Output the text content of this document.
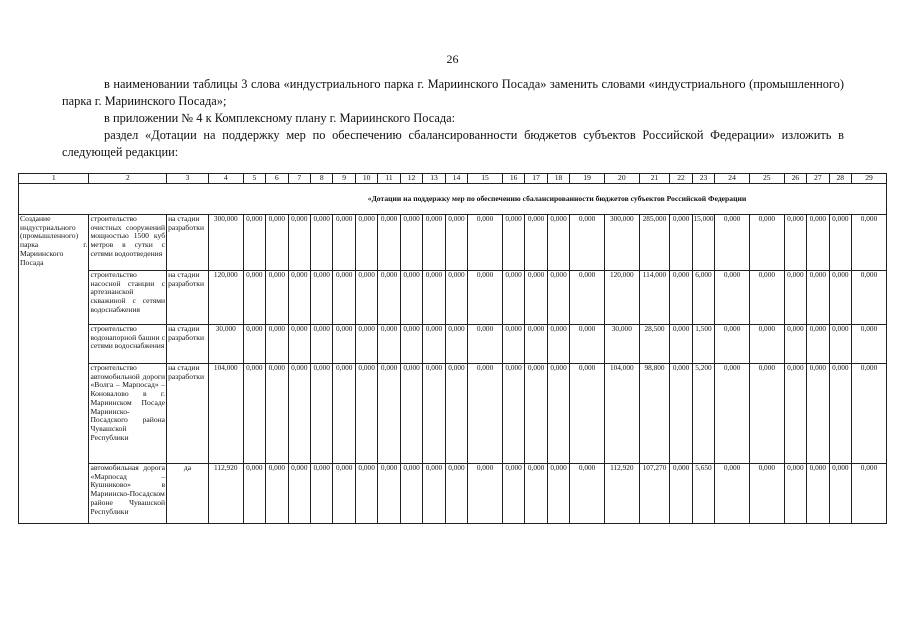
26

в наименовании таблицы 3 слова «индустриального парка г. Мариинского Посада» заменить словами «индустриального (промышленного) парка г. Мариинского Посада»;

в приложении № 4 к Комплексному плану г. Мариинского Посада:

раздел «Дотации на поддержку мер по обеспечению сбалансированности бюджетов субъектов Российской Федерации» изложить в следующей редакции:

1	2	3	4	5	6	7	8	9	10	11	12	13	14	15	16	17	18	19	20	21	22	23	24	25	26	27	28	29
«Дотации на поддержку мер по обеспечению сбалансированности бюджетов субъектов Российской Федерации																												
Создание индустриального (промышленного) парка г. Мариинского Посада	строительство очистных сооружений мощностью 1500 куб метров в сутки с сетями водоотведения	на стадии разработки	300,000	0,000	0,000	0,000	0,000	0,000	0,000	0,000	0,000	0,000	0,000	0,000	0,000	0,000	0,000	0,000	300,000	285,000	0,000	15,000	0,000	0,000	0,000	0,000	0,000	0,000
	строительство насосной станции с артезианской скважиной с сетями водоснабжения	на стадии разработки	120,000	0,000	0,000	0,000	0,000	0,000	0,000	0,000	0,000	0,000	0,000	0,000	0,000	0,000	0,000	0,000	120,000	114,000	0,000	6,000	0,000	0,000	0,000	0,000	0,000	0,000
	строительство водонапорной башни с сетями водоснабжения	на стадии разработки	30,000	0,000	0,000	0,000	0,000	0,000	0,000	0,000	0,000	0,000	0,000	0,000	0,000	0,000	0,000	0,000	30,000	28,500	0,000	1,500	0,000	0,000	0,000	0,000	0,000	0,000
	строительство автомобильной дороги «Волга – Марпосад» – Коновалово в г. Мариинском Посаде Мариинско-Посадского района Чувашской Республики	на стадии разработки	104,000	0,000	0,000	0,000	0,000	0,000	0,000	0,000	0,000	0,000	0,000	0,000	0,000	0,000	0,000	0,000	104,000	98,800	0,000	5,200	0,000	0,000	0,000	0,000	0,000	0,000
	автомобильная дорога «Марпосад – Кушниково» в Мариинско-Посадском районе Чувашской Республики	да	112,920	0,000	0,000	0,000	0,000	0,000	0,000	0,000	0,000	0,000	0,000	0,000	0,000	0,000	0,000	0,000	112,920	107,270	0,000	5,650	0,000	0,000	0,000	0,000	0,000	0,000
